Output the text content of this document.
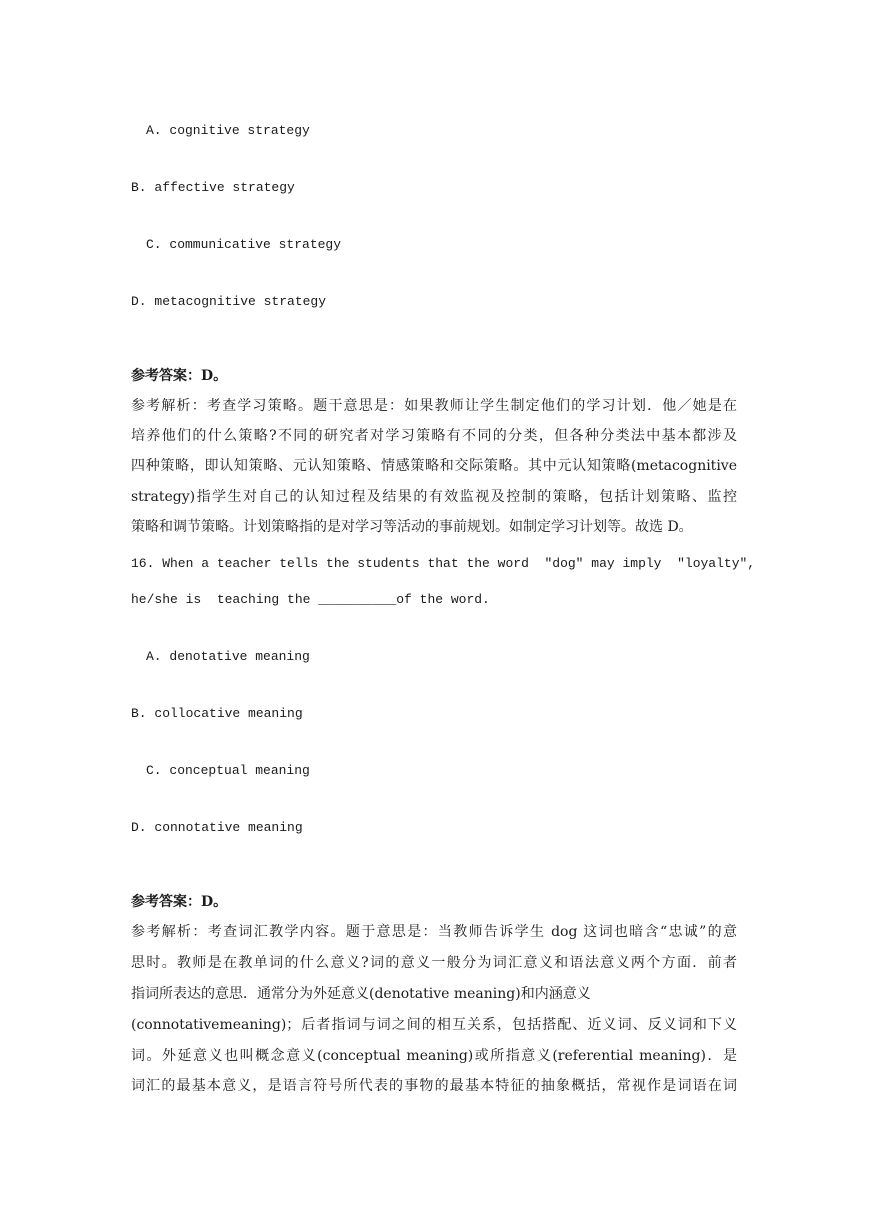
A. cognitive strategy
B. affective strategy
C. communicative strategy
D. metacognitive strategy
参考答案：D。
参考解析：考查学习策略。题干意思是：如果教师让学生制定他们的学习计划．他／她是在
培养他们的什么策略?不同的研究者对学习策略有不同的分类，但各种分类法中基本都涉及
四种策略，即认知策略、元认知策略、情感策略和交际策略。其中元认知策略(metacognitive
strategy)指学生对自己的认知过程及结果的有效监视及控制的策略，包括计划策略、监控
策略和调节策略。计划策略指的是对学习等活动的事前规划。如制定学习计划等。故选 D。
16. When a teacher tells the students that the word  "dog" may imply  "loyalty",
he/she is  teaching the __________of the word.
A. denotative meaning
B. collocative meaning
C. conceptual meaning
D. connotative meaning
参考答案：D。
参考解析：考查词汇教学内容。题于意思是：当教师告诉学生 dog 这词也暗含“忠诚”的意
思时。教师是在教单词的什么意义?词的意义一般分为词汇意义和语法意义两个方面．前者
指词所表达的意思．通常分为外延意义(denotative meaning)和内涵意义
(connotativemeaning)；后者指词与词之间的相互关系，包括搭配、近义词、反义词和下义
词。外延意义也叫概念意义(conceptual meaning)或所指意义(referential meaning)．是
词汇的最基本意义，是语言符号所代表的事物的最基本特征的抽象概括，常视作是词语在词
